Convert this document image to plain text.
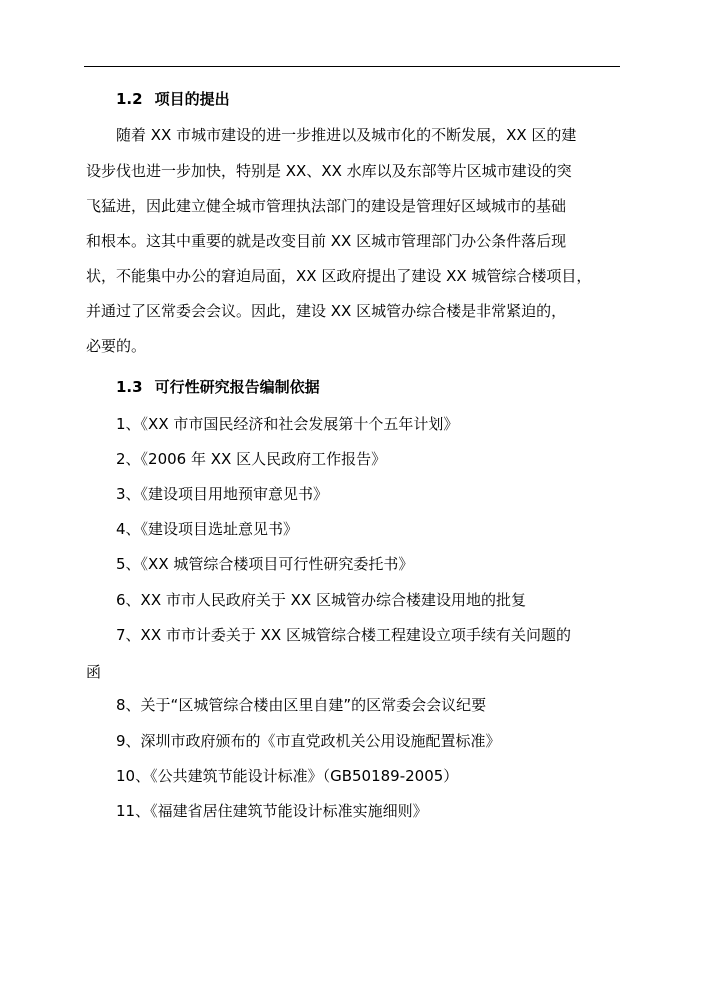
1.2 项目的提出
随着 XX 市城市建设的进一步推进以及城市化的不断发展，XX 区的建
设步伐也进一步加快，特别是 XX、XX 水库以及东部等片区城市建设的突
飞猛进，因此建立健全城市管理执法部门的建设是管理好区域城市的基础
和根本。这其中重要的就是改变目前 XX 区城市管理部门办公条件落后现
状，不能集中办公的窘迫局面，XX 区政府提出了建设 XX 城管综合楼项目，
并通过了区常委会会议。因此，建设 XX 区城管办综合楼是非常紧迫的，
必要的。
1.3 可行性研究报告编制依据
1、《XX 市市国民经济和社会发展第十个五年计划》
2、《2006 年 XX 区人民政府工作报告》
3、《建设项目用地预审意见书》
4、《建设项目选址意见书》
5、《XX 城管综合楼项目可行性研究委托书》
6、XX 市市人民政府关于 XX 区城管办综合楼建设用地的批复
7、XX 市市计委关于 XX 区城管综合楼工程建设立项手续有关问题的
函
8、关于“区城管综合楼由区里自建”的区常委会会议纪要
9、深圳市政府颁布的《市直党政机关公用设施配置标准》
10、《公共建筑节能设计标准》（GB50189-2005）
11、《福建省居住建筑节能设计标准实施细则》
